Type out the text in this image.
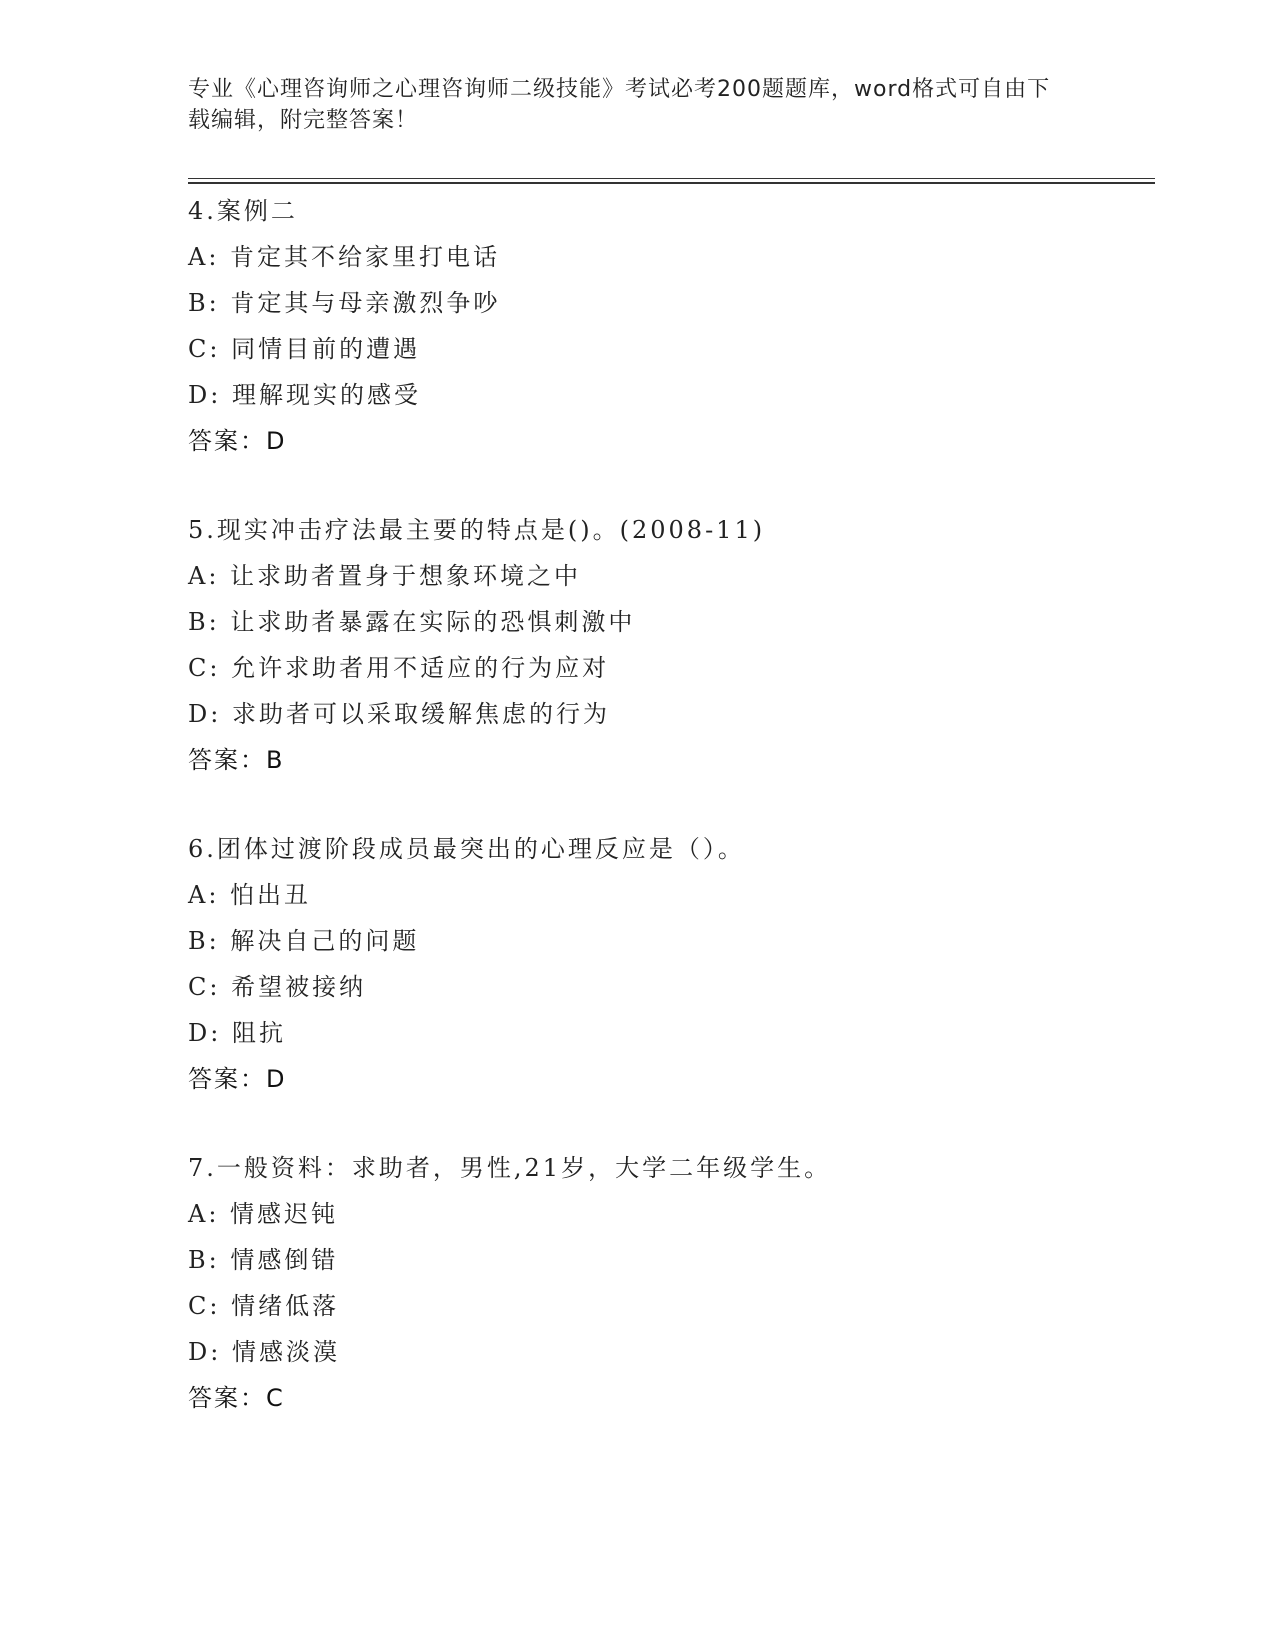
专业《心理咨询师之心理咨询师二级技能》考试必考200题题库，word格式可自由下载编辑，附完整答案！
4.案例二
A: 肯定其不给家里打电话
B: 肯定其与母亲激烈争吵
C: 同情目前的遭遇
D: 理解现实的感受
答案：D
5.现实冲击疗法最主要的特点是()。(2008-11)
A: 让求助者置身于想象环境之中
B: 让求助者暴露在实际的恐惧刺激中
C: 允许求助者用不适应的行为应对
D: 求助者可以采取缓解焦虑的行为
答案：B
6.团体过渡阶段成员最突出的心理反应是（）。
A: 怕出丑
B: 解决自己的问题
C: 希望被接纳
D: 阻抗
答案：D
7.一般资料：求助者，男性,21岁，大学二年级学生。
A: 情感迟钝
B: 情感倒错
C: 情绪低落
D: 情感淡漠
答案：C
